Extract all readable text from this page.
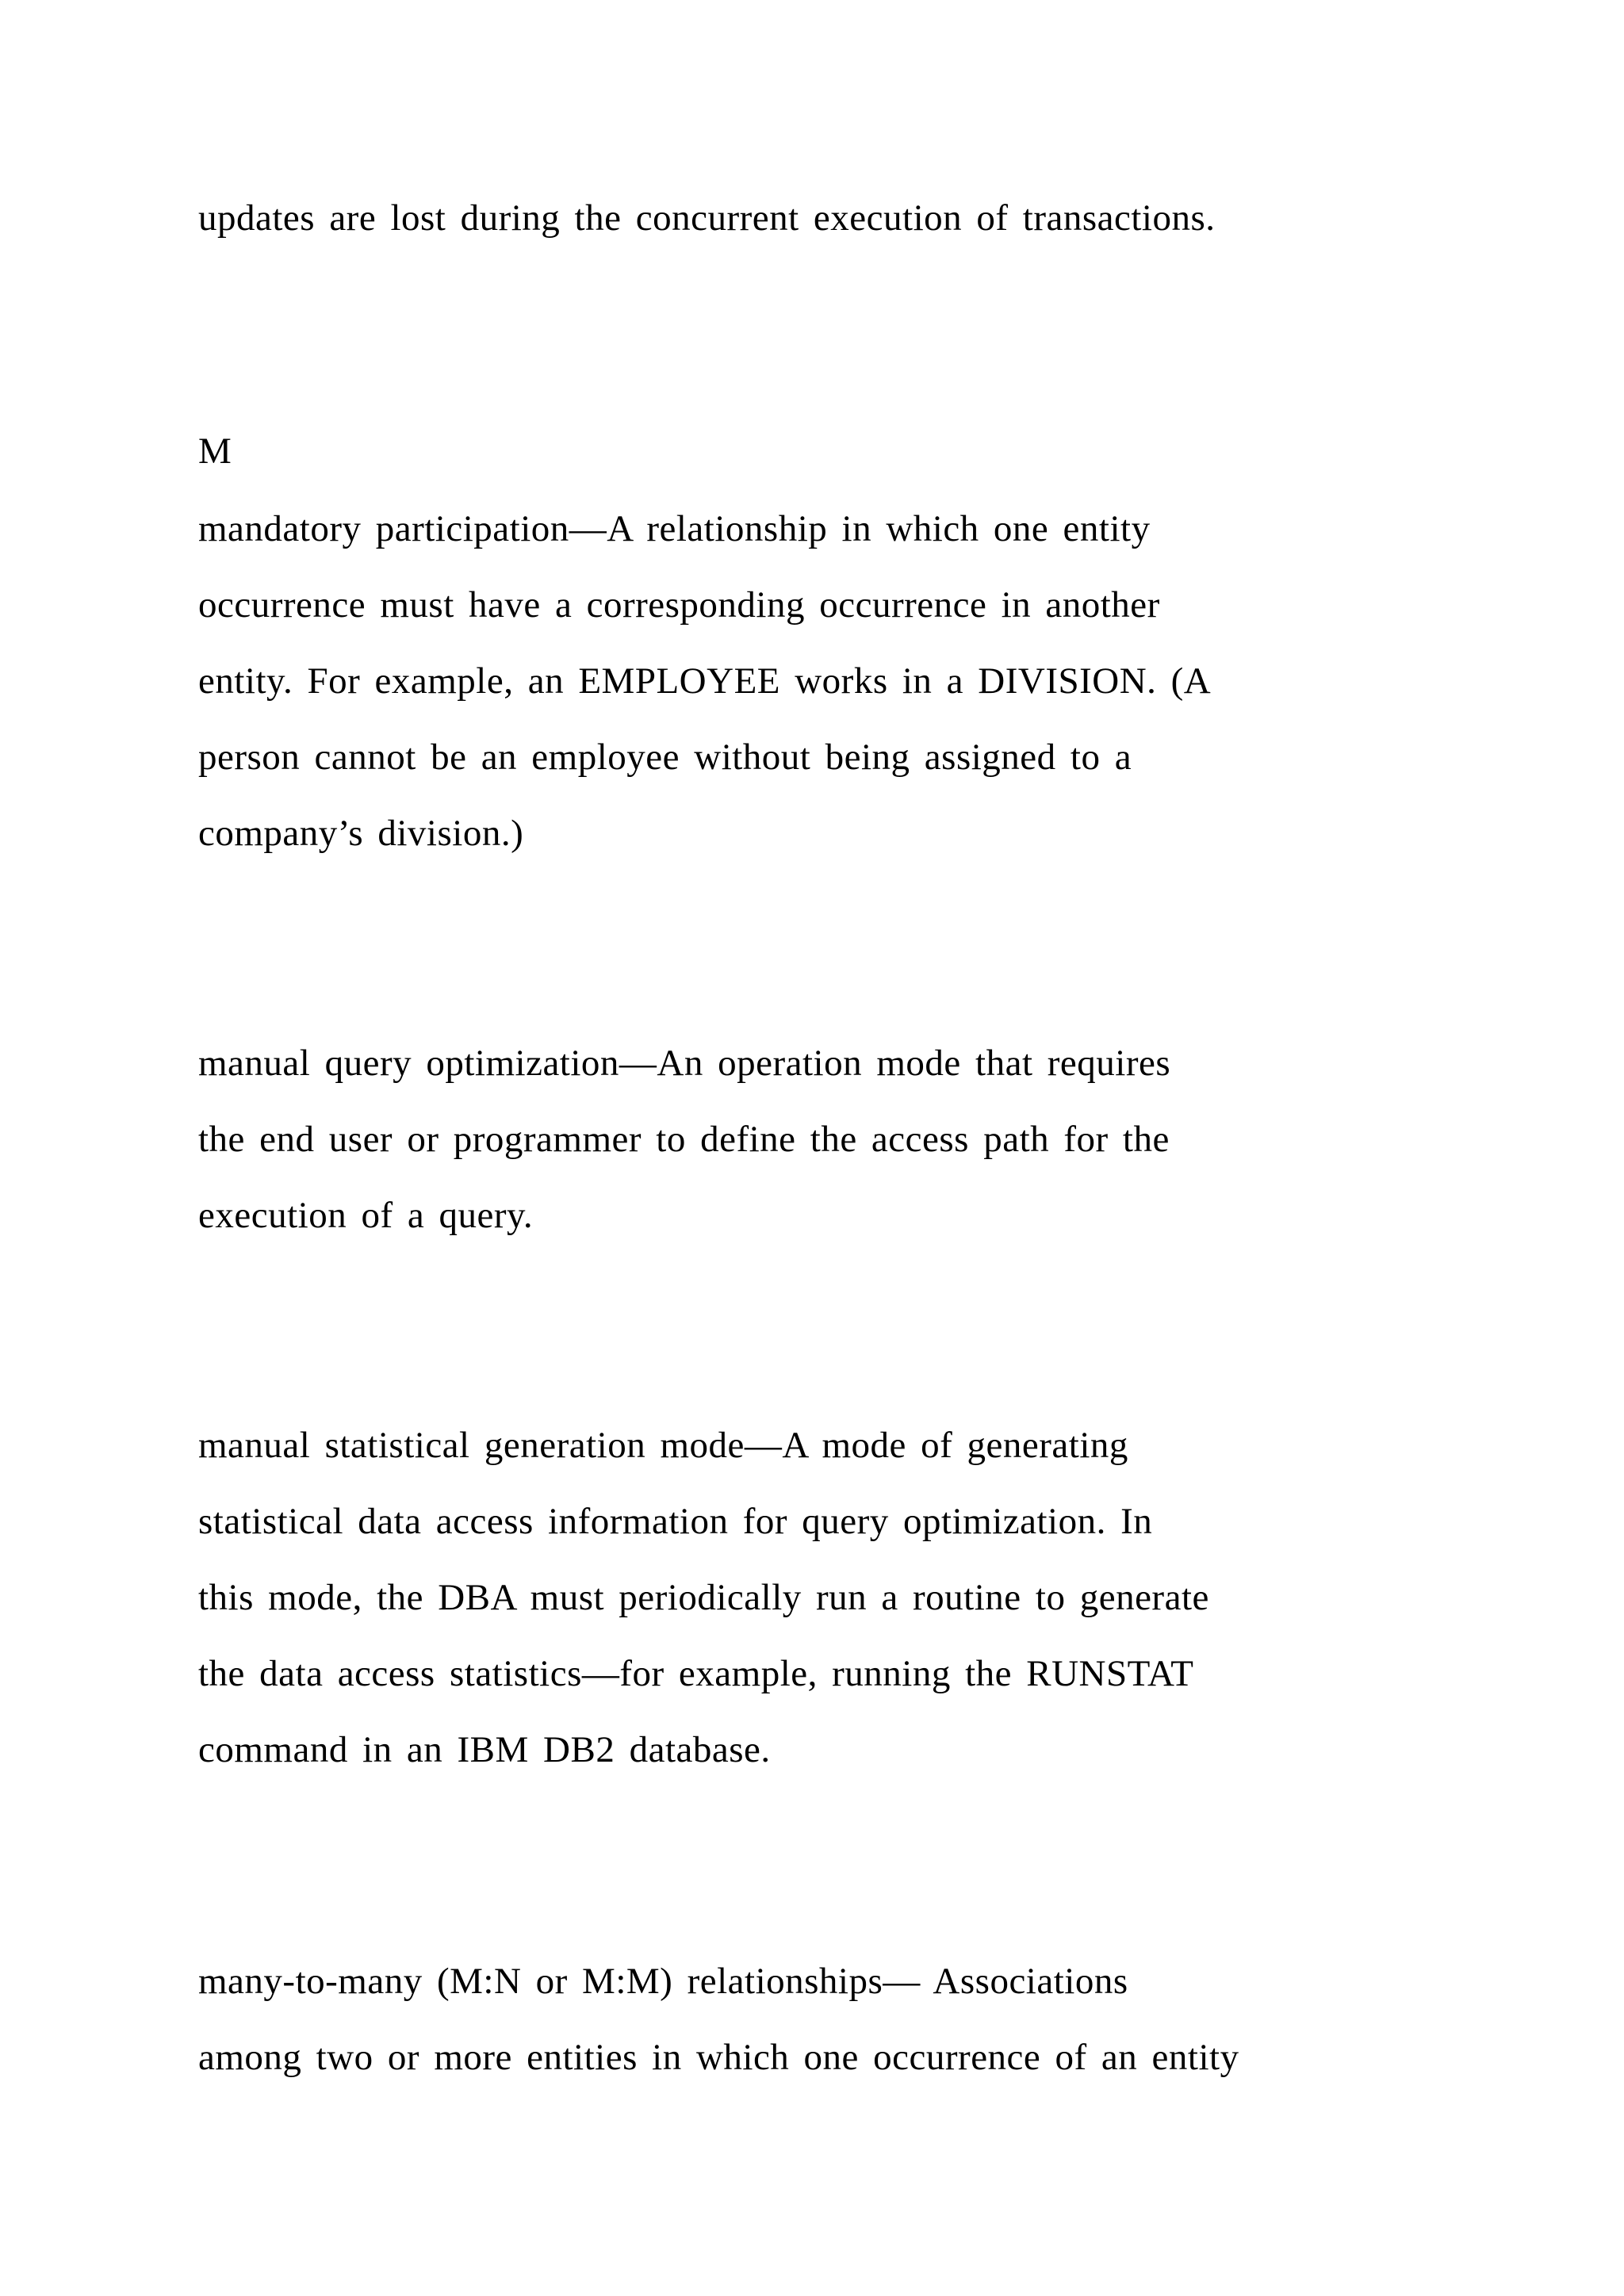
updates are lost during the concurrent execution of transactions.
M
mandatory participation—A relationship in which one entity
occurrence must have a corresponding occurrence in another
entity. For example, an EMPLOYEE works in a DIVISION. (A
person cannot be an employee without being assigned to a
company’s division.)
manual query optimization—An operation mode that requires
the end user or programmer to define the access path for the
execution of a query.
manual statistical generation mode—A mode of generating
statistical data access information for query optimization. In
this mode, the DBA must periodically run a routine to generate
the data access statistics—for example, running the RUNSTAT
command in an IBM DB2 database.
many-to-many (M:N or M:M) relationships— Associations
among two or more entities in which one occurrence of an entity
